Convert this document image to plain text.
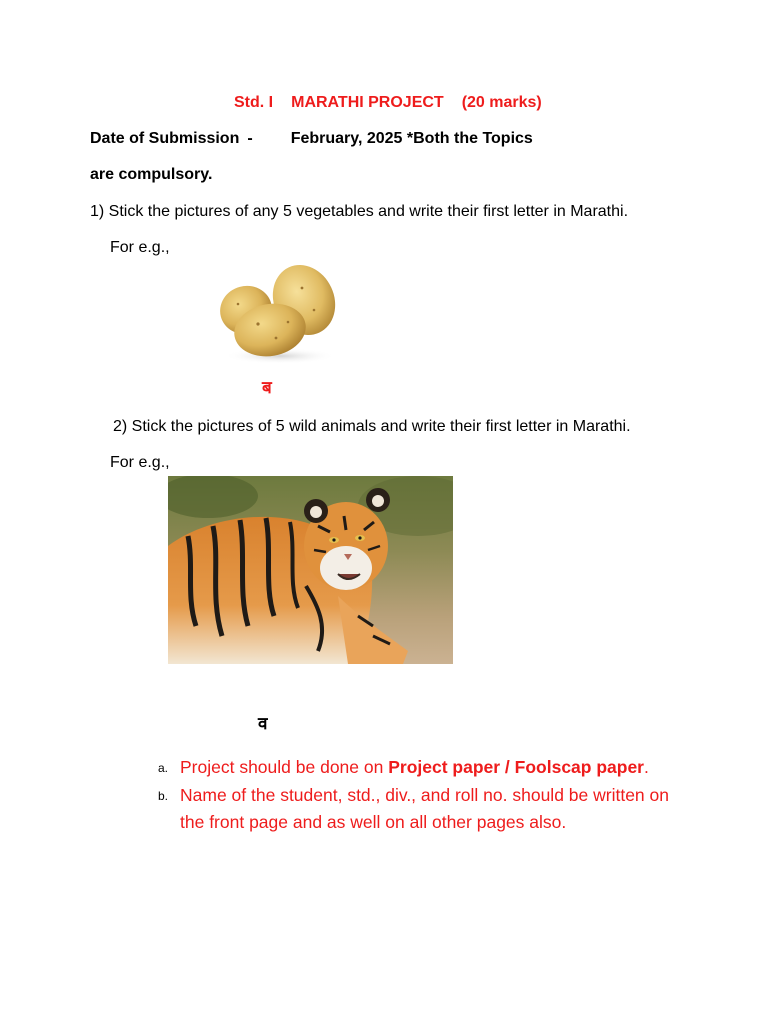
Std. I MARATHI PROJECT (20 marks)
Date of Submission - February, 2025 *Both the Topics
are compulsory.
1) Stick the pictures of any 5 vegetables and write their first letter in Marathi.
For e.g.,
ब
2) Stick the pictures of 5 wild animals and write their first letter in Marathi.
For e.g.,
व
a. Project should be done on Project paper / Foolscap paper.
b. Name of the student, std., div., and roll no. should be written on the front page and as well on all other pages also.
